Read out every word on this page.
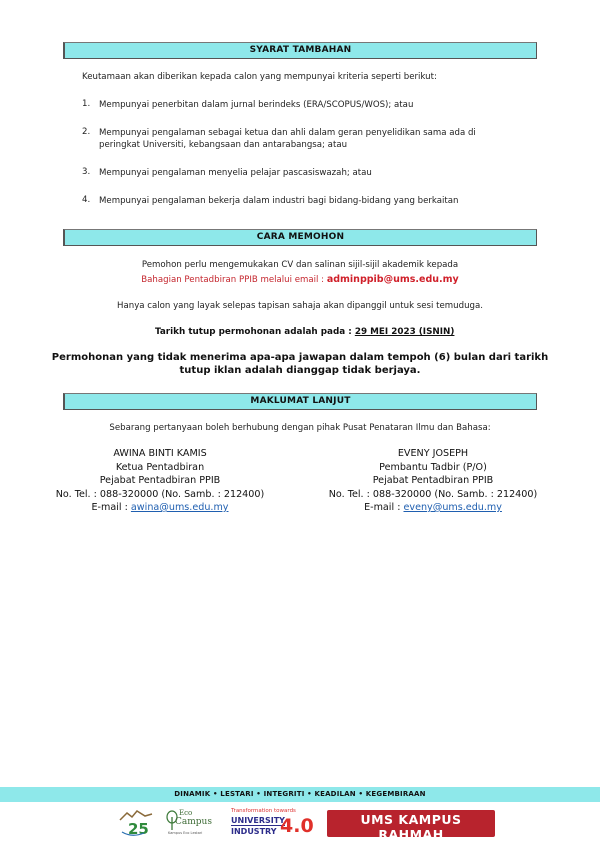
SYARAT TAMBAHAN
Keutamaan akan diberikan kepada calon yang mempunyai kriteria seperti berikut:
1. Mempunyai penerbitan dalam jurnal berindeks (ERA/SCOPUS/WOS); atau
2. Mempunyai pengalaman sebagai ketua dan ahli dalam geran penyelidikan sama ada di
peringkat Universiti, kebangsaan dan antarabangsa; atau
3. Mempunyai pengalaman menyelia pelajar pascasiswazah; atau
4. Mempunyai pengalaman bekerja dalam industri bagi bidang-bidang yang berkaitan
CARA MEMOHON
Pemohon perlu mengemukakan CV dan salinan sijil-sijil akademik kepada
Bahagian Pentadbiran PPIB melalui email : adminppib@ums.edu.my
Hanya calon yang layak selepas tapisan sahaja akan dipanggil untuk sesi temuduga.
Tarikh tutup permohonan adalah pada : 29 MEI 2023 (ISNIN)
Permohonan yang tidak menerima apa-apa jawapan dalam tempoh (6) bulan dari tarikh
tutup iklan adalah dianggap tidak berjaya.
MAKLUMAT LANJUT
Sebarang pertanyaan boleh berhubung dengan pihak Pusat Penataran Ilmu dan Bahasa:
AWINA BINTI KAMIS
Ketua Pentadbiran
Pejabat Pentadbiran PPIB
No. Tel. : 088-320000 (No. Samb. : 212400)
E-mail : awina@ums.edu.my
EVENY JOSEPH
Pembantu Tadbir (P/O)
Pejabat Pentadbiran PPIB
No. Tel. : 088-320000 (No. Samb. : 212400)
E-mail : eveny@ums.edu.my
DINAMIK • LESTARI • INTEGRITI • KEADILAN • KEGEMBIRAAN
25
Eco
Campus
Kampus Eco Lestari
Transformation towards
UNIVERSITY
INDUSTRY 4.0	UMS KAMPUS RAHMAH
TERAS KECEMERLANGAN DAN KEUNGGULAN
